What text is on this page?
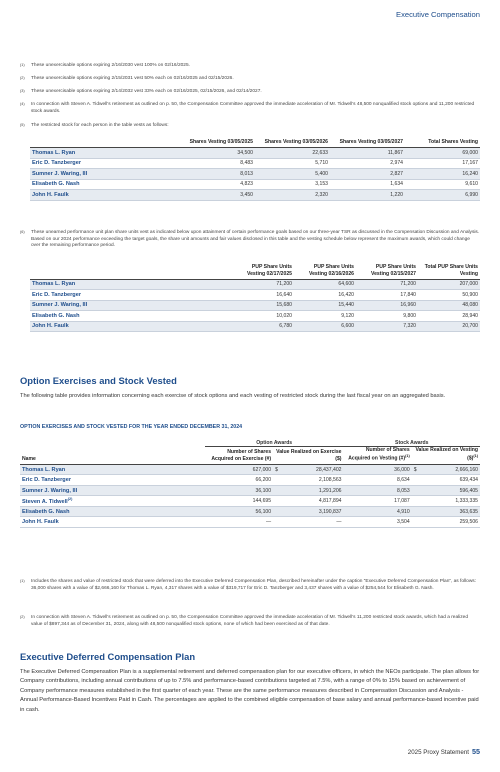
Executive Compensation
(1)	These unexercisable options expiring 2/16/2030 vest 100% on 02/16/2025.
(2)	These unexercisable options expiring 2/15/2031 vest 50% each on 02/16/2025 and 02/15/2026.
(3)	These unexercisable options expiring 2/14/2032 vest 33% each on 02/16/2025, 02/15/2026, and 02/14/2027.
(4)	In connection with Steven A. Tidwell’s retirement as outlined on p. 50, the Compensation Committee approved the immediate acceleration of Mr. Tidwell’s 48,500 nonqualified stock options and 11,200 restricted stock awards.
(5)	The restricted stock for each person in the table vests as follows:
	Shares Vesting 03/05/2025	Shares Vesting 03/05/2026	Shares Vesting 03/05/2027	Total Shares Vesting
Thomas L. Ryan	34,500	22,633	11,867	69,000
Eric D. Tanzberger	8,483	5,710	2,974	17,167
Sumner J. Waring, III	8,013	5,400	2,827	16,240
Elisabeth G. Nash	4,823	3,153	1,634	9,610
John H. Faulk	3,450	2,320	1,220	6,990
(6)	These unearned performance unit plan share units vest as indicated below upon attainment of certain performance goals based on our three-year TSR as discussed in the Compensation Discussion and Analysis. Based on our 2024 performance exceeding the target goals, the share unit amounts and fair values disclosed in this table and the vesting schedule below represent the maximum awards, which could change over the remaining performance period.
	PUP Share Units Vesting 02/17/2025	PUP Share Units Vesting 02/16/2026	PUP Share Units Vesting 02/15/2027	Total PUP Share Units Vesting
Thomas L. Ryan	71,200	64,600	71,200	207,000
Eric D. Tanzberger	16,640	16,420	17,840	50,900
Sumner J. Waring, III	15,680	15,440	16,960	48,080
Elisabeth G. Nash	10,020	9,120	9,800	28,940
John H. Faulk	6,780	6,600	7,320	20,700
Option Exercises and Stock Vested
The following table provides information concerning each exercise of stock options and each vesting of restricted stock during the last fiscal year on an aggregated basis.
OPTION EXERCISES AND STOCK VESTED FOR THE YEAR ENDED DECEMBER 31, 2024
	Option Awards			Stock Awards		
Name	Number of Shares Acquired on Exercise (#)	Value Realized on Exercise ($)		Number of Shares Acquired on Vesting (#)$^{(1)}$	Value Realized on Vesting ($)$^{(1)}$
Thomas L. Ryan	627,000	$	28,437,402	36,000	$	2,666,160
Eric D. Tanzberger	66,200		2,108,563	8,634		639,434
Sumner J. Waring, III	36,100		1,291,206	8,053		596,405
Steven A. Tidwell$^{(2)}$	144,695		4,817,894	17,087		1,333,335
Elisabeth G. Nash	56,100		3,190,837	4,910		363,635
John H. Faulk	—		—	3,504		259,506
(1)	Includes the shares and value of restricted stock that were deferred into the Executive Deferred Compensation Plan, described hereinafter under the caption “Executive Deferred Compensation Plan”, as follows: 36,000 shares with a value of $2,666,160 for Thomas L. Ryan, 4,317 shares with a value of $319,717 for Eric D. Tanzberger and 3,437 shares with a value of $254,544 for Elisabeth G. Nash.
(2)	In connection with Steven A. Tidwell’s retirement as outlined on p. 50, the Compensation Committee approved the immediate acceleration of Mr. Tidwell’s 11,200 restricted stock awards, which had a realized value of $897,344 as of December 31, 2024, along with 48,500 nonqualified stock options, none of which had been exercised as of that date.
Executive Deferred Compensation Plan
The Executive Deferred Compensation Plan is a supplemental retirement and deferred compensation plan for our executive officers, in which the NEOs participate. The plan allows for Company contributions, including annual contributions of up to 7.5% and performance-based contributions targeted at 7.5%, with a range of 0% to 15% based on achievement of Company performance measures established in the first quarter of each year. These are the same performance measures described in Compensation Discussion and Analysis - Annual Performance-Based Incentives Paid in Cash. The percentages are applied to the combined eligible compensation of base salary and annual performance-based incentive paid in cash.
2025 Proxy Statement 55
